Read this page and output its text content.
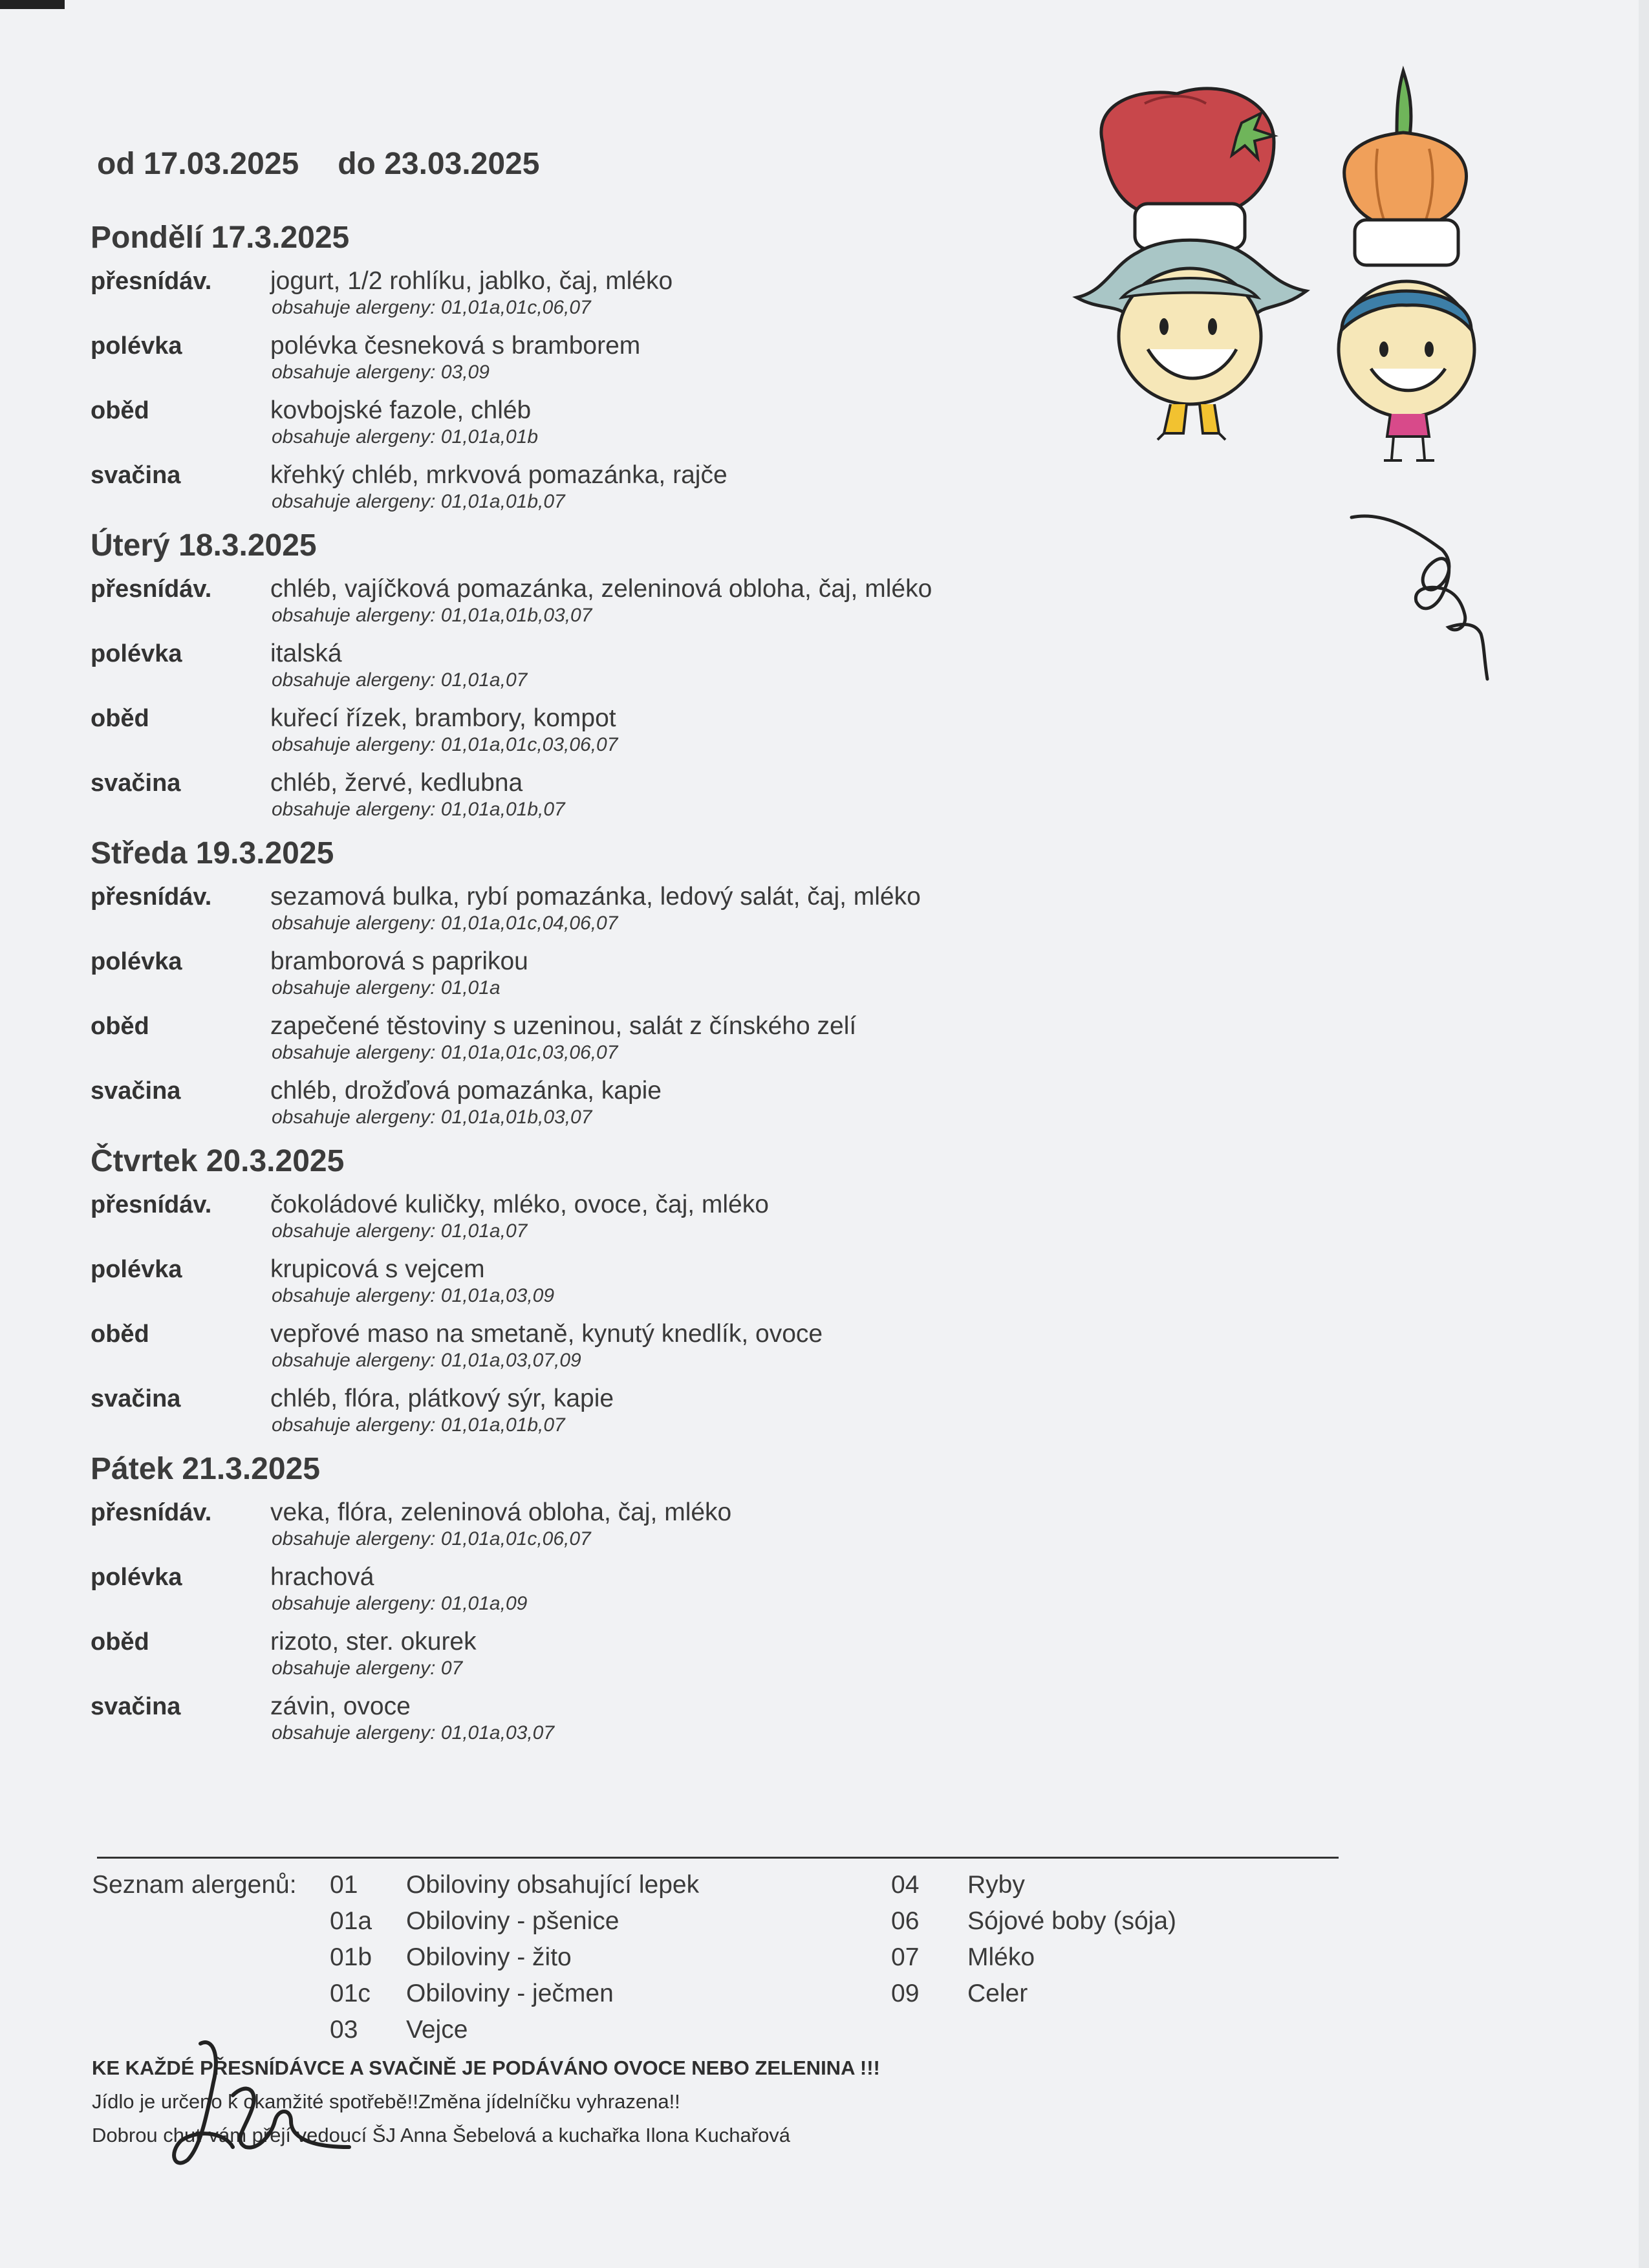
od 17.03.2025 do 23.03.2025
Pondělí 17.3.2025
přesnídáv. jogurt, 1/2 rohlíku, jablko, čaj, mléko
obsahuje alergeny: 01,01a,01c,06,07
polévka	polévka česneková s bramborem
obsahuje alergeny: 03,09
oběd	kovbojské fazole, chléb
obsahuje alergeny: 01,01a,01b
svačina	křehký chléb, mrkvová pomazánka, rajče
obsahuje alergeny: 01,01a,01b,07
Úterý 18.3.2025
přesnídáv. chléb, vajíčková pomazánka, zeleninová obloha, čaj, mléko
obsahuje alergeny: 01,01a,01b,03,07
polévka	italská
obsahuje alergeny: 01,01a,07
oběd	kuřecí řízek, brambory, kompot
obsahuje alergeny: 01,01a,01c,03,06,07
svačina	chléb, žervé, kedlubna
obsahuje alergeny: 01,01a,01b,07
Středa 19.3.2025
přesnídáv. sezamová bulka, rybí pomazánka, ledový salát, čaj, mléko
obsahuje alergeny: 01,01a,01c,04,06,07
polévka	bramborová s paprikou
obsahuje alergeny: 01,01a
oběd	zapečené těstoviny s uzeninou, salát z čínského zelí
obsahuje alergeny: 01,01a,01c,03,06,07
svačina	chléb, drožďová pomazánka, kapie
obsahuje alergeny: 01,01a,01b,03,07
Čtvrtek 20.3.2025
přesnídáv. čokoládové kuličky, mléko, ovoce, čaj, mléko
obsahuje alergeny: 01,01a,07
polévka	krupicová s vejcem
obsahuje alergeny: 01,01a,03,09
oběd	vepřové maso na smetaně, kynutý knedlík, ovoce
obsahuje alergeny: 01,01a,03,07,09
svačina	chléb, flóra, plátkový sýr, kapie
obsahuje alergeny: 01,01a,01b,07
Pátek 21.3.2025
přesnídáv. veka, flóra, zeleninová obloha, čaj, mléko
obsahuje alergeny: 01,01a,01c,06,07
polévka	hrachová
obsahuje alergeny: 01,01a,09
oběd	rizoto, ster. okurek
obsahuje alergeny: 07
svačina	závin, ovoce
obsahuje alergeny: 01,01a,03,07
Seznam alergenů: 01 Obiloviny obsahující lepek
01a Obiloviny - pšenice
01b Obiloviny - žito
01c Obiloviny - ječmen
03 Vejce
04 Ryby
06 Sójové boby (sója)
07 Mléko
09 Celer
KE KAŽDÉ PŘESNÍDÁVCE A SVAČINĚ JE PODÁVÁNO OVOCE NEBO ZELENINA !!!
Jídlo je určeno k okamžité spotřebě!!Změna jídelníčku vyhrazena!!
Dobrou chuť vám přejí vedoucí ŠJ Anna Šebelová a kuchařka Ilona Kuchařová
